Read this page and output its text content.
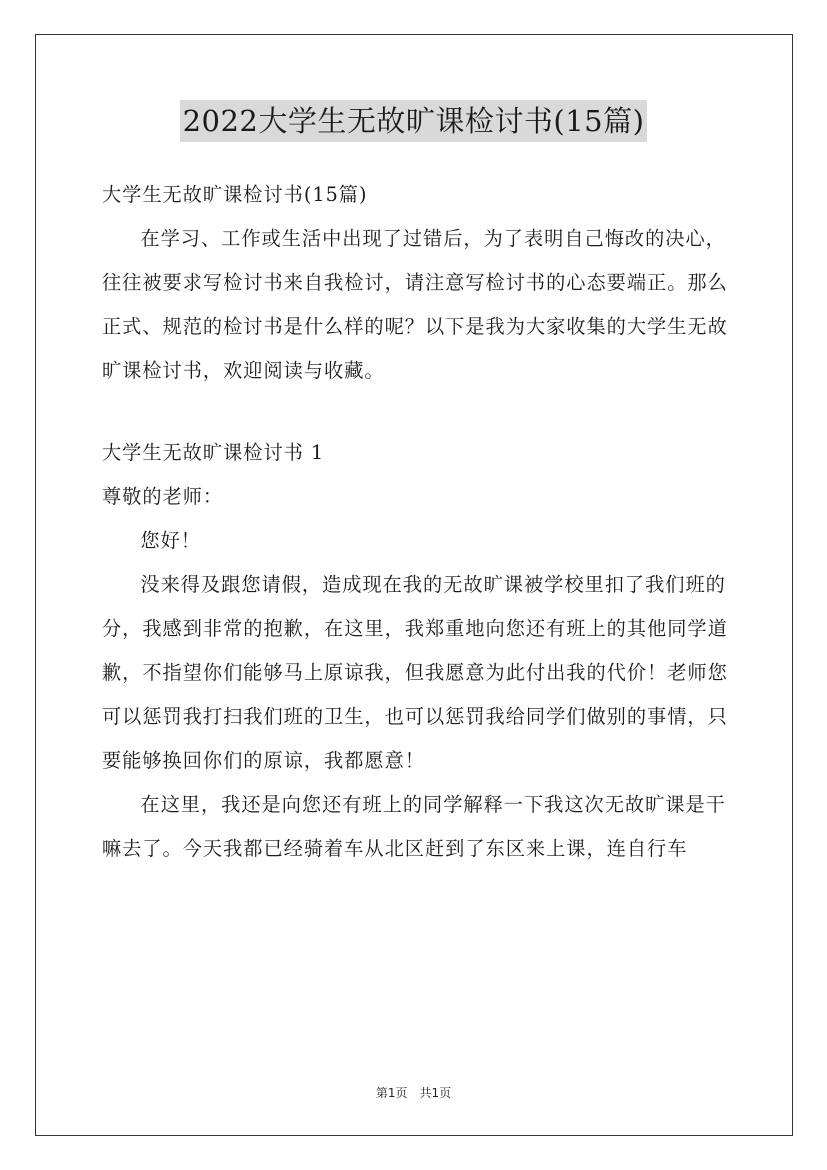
2022大学生无故旷课检讨书(15篇)

大学生无故旷课检讨书(15篇)

在学习、工作或生活中出现了过错后，为了表明自己悔改的决心，往往被要求写检讨书来自我检讨，请注意写检讨书的心态要端正。那么正式、规范的检讨书是什么样的呢？以下是我为大家收集的大学生无故旷课检讨书，欢迎阅读与收藏。

大学生无故旷课检讨书 1

尊敬的老师：

您好！

没来得及跟您请假，造成现在我的无故旷课被学校里扣了我们班的分，我感到非常的抱歉，在这里，我郑重地向您还有班上的其他同学道歉，不指望你们能够马上原谅我，但我愿意为此付出我的代价！老师您可以惩罚我打扫我们班的卫生，也可以惩罚我给同学们做别的事情，只要能够换回你们的原谅，我都愿意！

在这里，我还是向您还有班上的同学解释一下我这次无故旷课是干嘛去了。今天我都已经骑着车从北区赶到了东区来上课，连自行车

第1页　共1页
